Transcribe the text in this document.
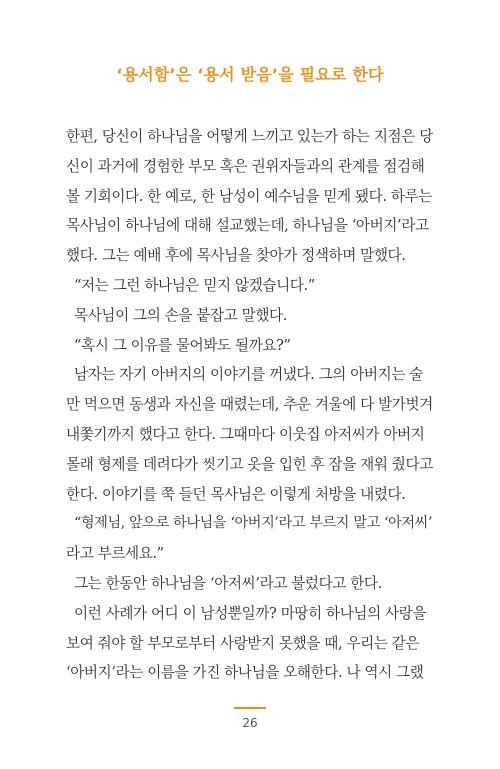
‘용서함’은 ‘용서 받음’을 필요로 한다
한편, 당신이 하나님을 어떻게 느끼고 있는가 하는 지점은 당
신이 과거에 경험한 부모 혹은 권위자들과의 관계를 점검해
볼 기회이다. 한 예로, 한 남성이 예수님을 믿게 됐다. 하루는
목사님이 하나님에 대해 설교했는데, 하나님을 ‘아버지’라고
했다. 그는 예배 후에 목사님을 찾아가 정색하며 말했다.
“저는 그런 하나님은 믿지 않겠습니다.”
목사님이 그의 손을 붙잡고 말했다.
“혹시 그 이유를 물어봐도 될까요?”
남자는 자기 아버지의 이야기를 꺼냈다. 그의 아버지는 술
만 먹으면 동생과 자신을 때렸는데, 추운 겨울에 다 발가벗겨
내쫓기까지 했다고 한다. 그때마다 이웃집 아저씨가 아버지
몰래 형제를 데려다가 씻기고 옷을 입힌 후 잠을 재워 줬다고
한다. 이야기를 쭉 들던 목사님은 이렇게 처방을 내렸다.
“형제님, 앞으로 하나님을 ‘아버지’라고 부르지 말고 ‘아저씨’
라고 부르세요.”
그는 한동안 하나님을 ‘아저씨’라고 불렀다고 한다.
이런 사례가 어디 이 남성뿐일까? 마땅히 하나님의 사랑을
보여 줘야 할 부모로부터 사랑받지 못했을 때, 우리는 같은
‘아버지’라는 이름을 가진 하나님을 오해한다. 나 역시 그랬
26
